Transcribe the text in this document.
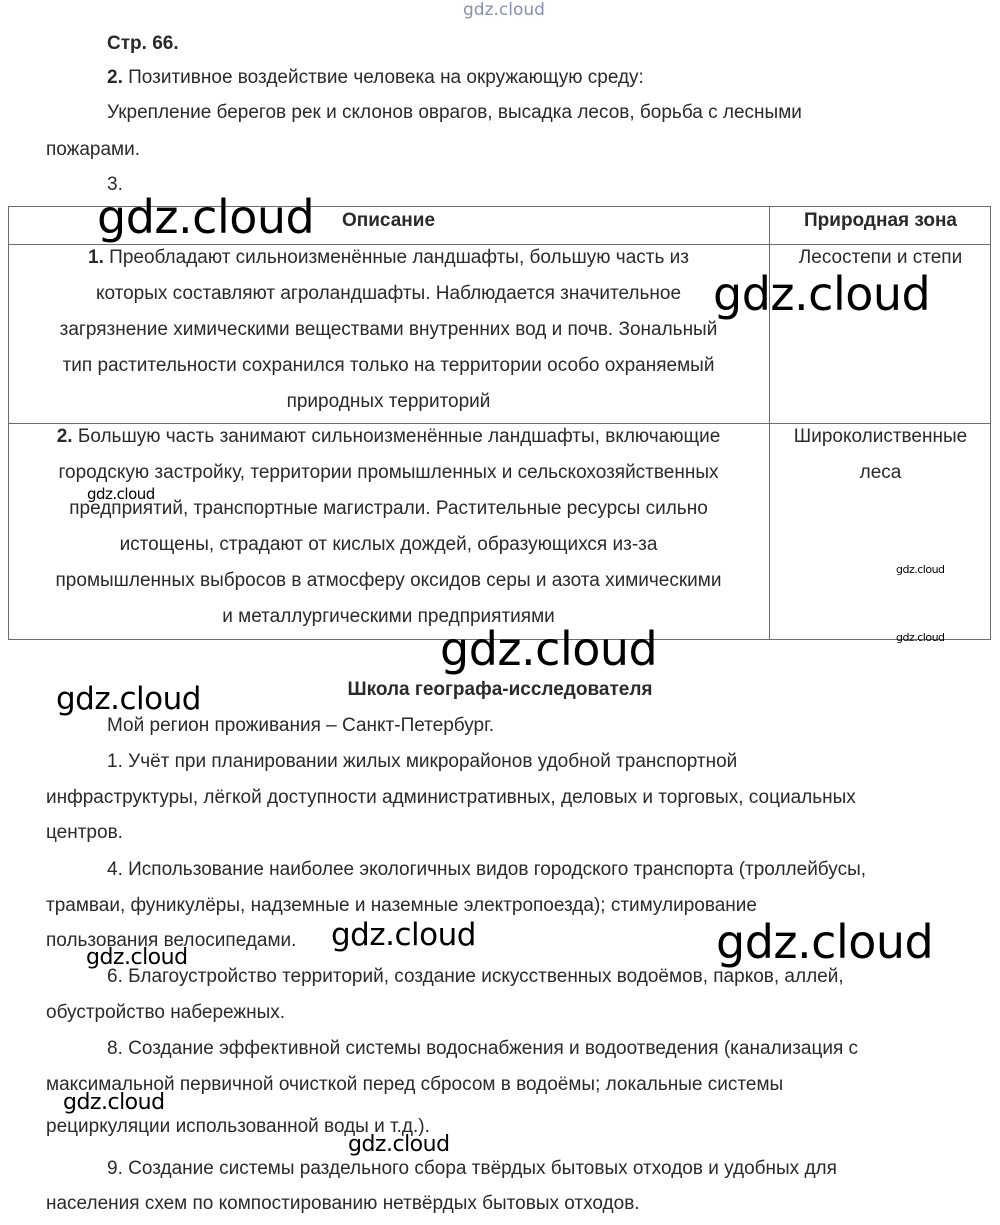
gdz.cloud
Стр. 66.
2. Позитивное воздействие человека на окружающую среду:
Укрепление берегов рек и склонов оврагов, высадка лесов, борьба с лесными
пожарами.
3.
Описание	Природная зона
1. Преобладают сильноизменённые ландшафты, большую часть из
которых составляют агроландшафты. Наблюдается значительное
загрязнение химическими веществами внутренних вод и почв. Зональный
тип растительности сохранился только на территории особо охраняемый
природных территорий
Лесостепи и степи
2. Большую часть занимают сильноизменённые ландшафты, включающие
городскую застройку, территории промышленных и сельскохозяйственных
предприятий, транспортные магистрали. Растительные ресурсы сильно
истощены, страдают от кислых дождей, образующихся из-за
промышленных выбросов в атмосферу оксидов серы и азота химическими
и металлургическими предприятиями
Широколиственные
леса
Школа географа-исследователя
Мой регион проживания – Санкт-Петербург.
1. Учёт при планировании жилых микрорайонов удобной транспортной
инфраструктуры, лёгкой доступности административных, деловых и торговых, социальных
центров.
4. Использование наиболее экологичных видов городского транспорта (троллейбусы,
трамваи, фуникулёры, надземные и наземные электропоезда); стимулирование
пользования велосипедами.
6. Благоустройство территорий, создание искусственных водоёмов, парков, аллей,
обустройство набережных.
8. Создание эффективной системы водоснабжения и водоотведения (канализация с
максимальной первичной очисткой перед сбросом в водоёмы; локальные системы
рециркуляции использованной воды и т.д.).
9. Создание системы раздельного сбора твёрдых бытовых отходов и удобных для
населения схем по компостированию нетвёрдых бытовых отходов.
gdz.cloud
gdz.cloud
gdz.cloud
gdz.cloud
gdz.cloud
gdz.cloud
gdz.cloud
gdz.cloud	gdz.cloud
gdz.cloud
gdz.cloud
gdz.cloud
